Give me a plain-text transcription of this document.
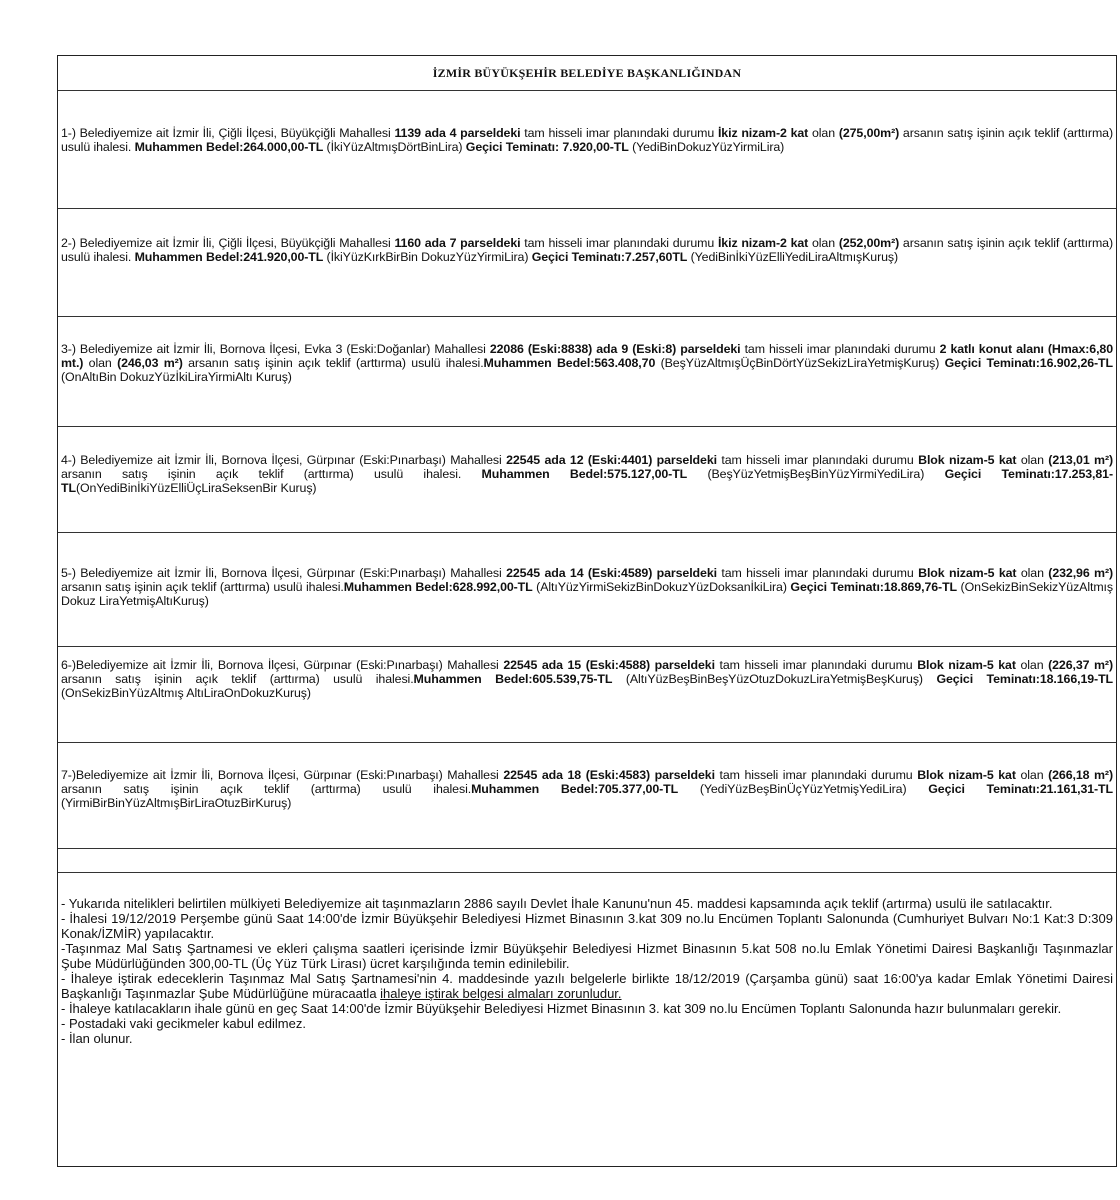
İZMİR BÜYÜKŞEHİR BELEDİYE BAŞKANLIĞINDAN
1-) Belediyemize ait İzmir İli, Çiğli İlçesi, Büyükçiğli Mahallesi 1139 ada 4 parseldeki tam hisseli imar planındaki durumu İkiz nizam-2 kat olan (275,00m²) arsanın satış işinin açık teklif (arttırma) usulü ihalesi. Muhammen Bedel:264.000,00-TL (İkiYüzAltmışDörtBinLira) Geçici Teminatı: 7.920,00-TL (YediBinDokuzYüzYirmiLira)
2-) Belediyemize ait İzmir İli, Çiğli İlçesi, Büyükçiğli Mahallesi 1160 ada 7 parseldeki tam hisseli imar planındaki durumu İkiz nizam-2 kat olan (252,00m²) arsanın satış işinin açık teklif (arttırma) usulü ihalesi. Muhammen Bedel:241.920,00-TL (İkiYüzKırkBirBin DokuzYüzYirmiLira) Geçici Teminatı:7.257,60TL (YediBinİkiYüzElliYediLiraAltmışKuruş)
3-) Belediyemize ait İzmir İli, Bornova İlçesi, Evka 3 (Eski:Doğanlar) Mahallesi 22086 (Eski:8838) ada 9 (Eski:8) parseldeki tam hisseli imar planındaki durumu 2 katlı konut alanı (Hmax:6,80 mt.) olan (246,03 m²) arsanın satış işinin açık teklif (arttırma) usulü ihalesi.Muhammen Bedel:563.408,70 (BeşYüzAltmışÜçBinDörtYüzSekizLiraYetmişKuruş) Geçici Teminatı:16.902,26-TL (OnAltıBin DokuzYüzİkiLiraYirmiAltı Kuruş)
4-) Belediyemize ait İzmir İli, Bornova İlçesi, Gürpınar (Eski:Pınarbaşı) Mahallesi 22545 ada 12 (Eski:4401) parseldeki tam hisseli imar planındaki durumu Blok nizam-5 kat olan (213,01 m²) arsanın satış işinin açık teklif (arttırma) usulü ihalesi. Muhammen Bedel:575.127,00-TL (BeşYüzYetmişBeşBinYüzYirmiYediLira) Geçici Teminatı:17.253,81-TL(OnYediBinİkiYüzElliÜçLiraSeksenBir Kuruş)
5-) Belediyemize ait İzmir İli, Bornova İlçesi, Gürpınar (Eski:Pınarbaşı) Mahallesi 22545 ada 14 (Eski:4589) parseldeki tam hisseli imar planındaki durumu Blok nizam-5 kat olan (232,96 m²) arsanın satış işinin açık teklif (arttırma) usulü ihalesi.Muhammen Bedel:628.992,00-TL (AltıYüzYirmiSekizBinDokuzYüzDoksanİkiLira) Geçici Teminatı:18.869,76-TL (OnSekizBinSekizYüzAltmış Dokuz LiraYetmişAltıKuruş)
6-)Belediyemize ait İzmir İli, Bornova İlçesi, Gürpınar (Eski:Pınarbaşı) Mahallesi 22545 ada 15 (Eski:4588) parseldeki tam hisseli imar planındaki durumu Blok nizam-5 kat olan (226,37 m²) arsanın satış işinin açık teklif (arttırma) usulü ihalesi.Muhammen Bedel:605.539,75-TL (AltıYüzBeşBinBeşYüzOtuzDokuzLiraYetmişBeşKuruş) Geçici Teminatı:18.166,19-TL (OnSekizBinYüzAltmış AltıLiraOnDokuzKuruş)
7-)Belediyemize ait İzmir İli, Bornova İlçesi, Gürpınar (Eski:Pınarbaşı) Mahallesi 22545 ada 18 (Eski:4583) parseldeki tam hisseli imar planındaki durumu Blok nizam-5 kat olan (266,18 m²) arsanın satış işinin açık teklif (arttırma) usulü ihalesi.Muhammen Bedel:705.377,00-TL (YediYüzBeşBinÜçYüzYetmişYediLira) Geçici Teminatı:21.161,31-TL (YirmiBirBinYüzAltmışBirLiraOtuzBirKuruş)

- Yukarıda nitelikleri belirtilen mülkiyeti Belediyemize ait taşınmazların 2886 sayılı Devlet İhale Kanunu'nun 45. maddesi kapsamında açık teklif (artırma) usulü ile satılacaktır.

- İhalesi 19/12/2019 Perşembe günü Saat 14:00'de İzmir Büyükşehir Belediyesi Hizmet Binasının 3.kat 309 no.lu Encümen Toplantı Salonunda (Cumhuriyet Bulvarı No:1 Kat:3 D:309 Konak/İZMİR) yapılacaktır.

-Taşınmaz Mal Satış Şartnamesi ve ekleri çalışma saatleri içerisinde İzmir Büyükşehir Belediyesi Hizmet Binasının 5.kat 508 no.lu Emlak Yönetimi Dairesi Başkanlığı Taşınmazlar Şube Müdürlüğünden 300,00-TL (Üç Yüz Türk Lirası) ücret karşılığında temin edinilebilir.

- İhaleye iştirak edeceklerin Taşınmaz Mal Satış Şartnamesi'nin 4. maddesinde yazılı belgelerle birlikte 18/12/2019 (Çarşamba günü) saat 16:00'ya kadar Emlak Yönetimi Dairesi Başkanlığı Taşınmazlar Şube Müdürlüğüne müracaatla ihaleye iştirak belgesi almaları zorunludur.

- İhaleye katılacakların ihale günü en geç Saat 14:00'de İzmir Büyükşehir Belediyesi Hizmet Binasının 3. kat 309 no.lu Encümen Toplantı Salonunda hazır bulunmaları gerekir.

- Postadaki vaki gecikmeler kabul edilmez.

- İlan olunur.
